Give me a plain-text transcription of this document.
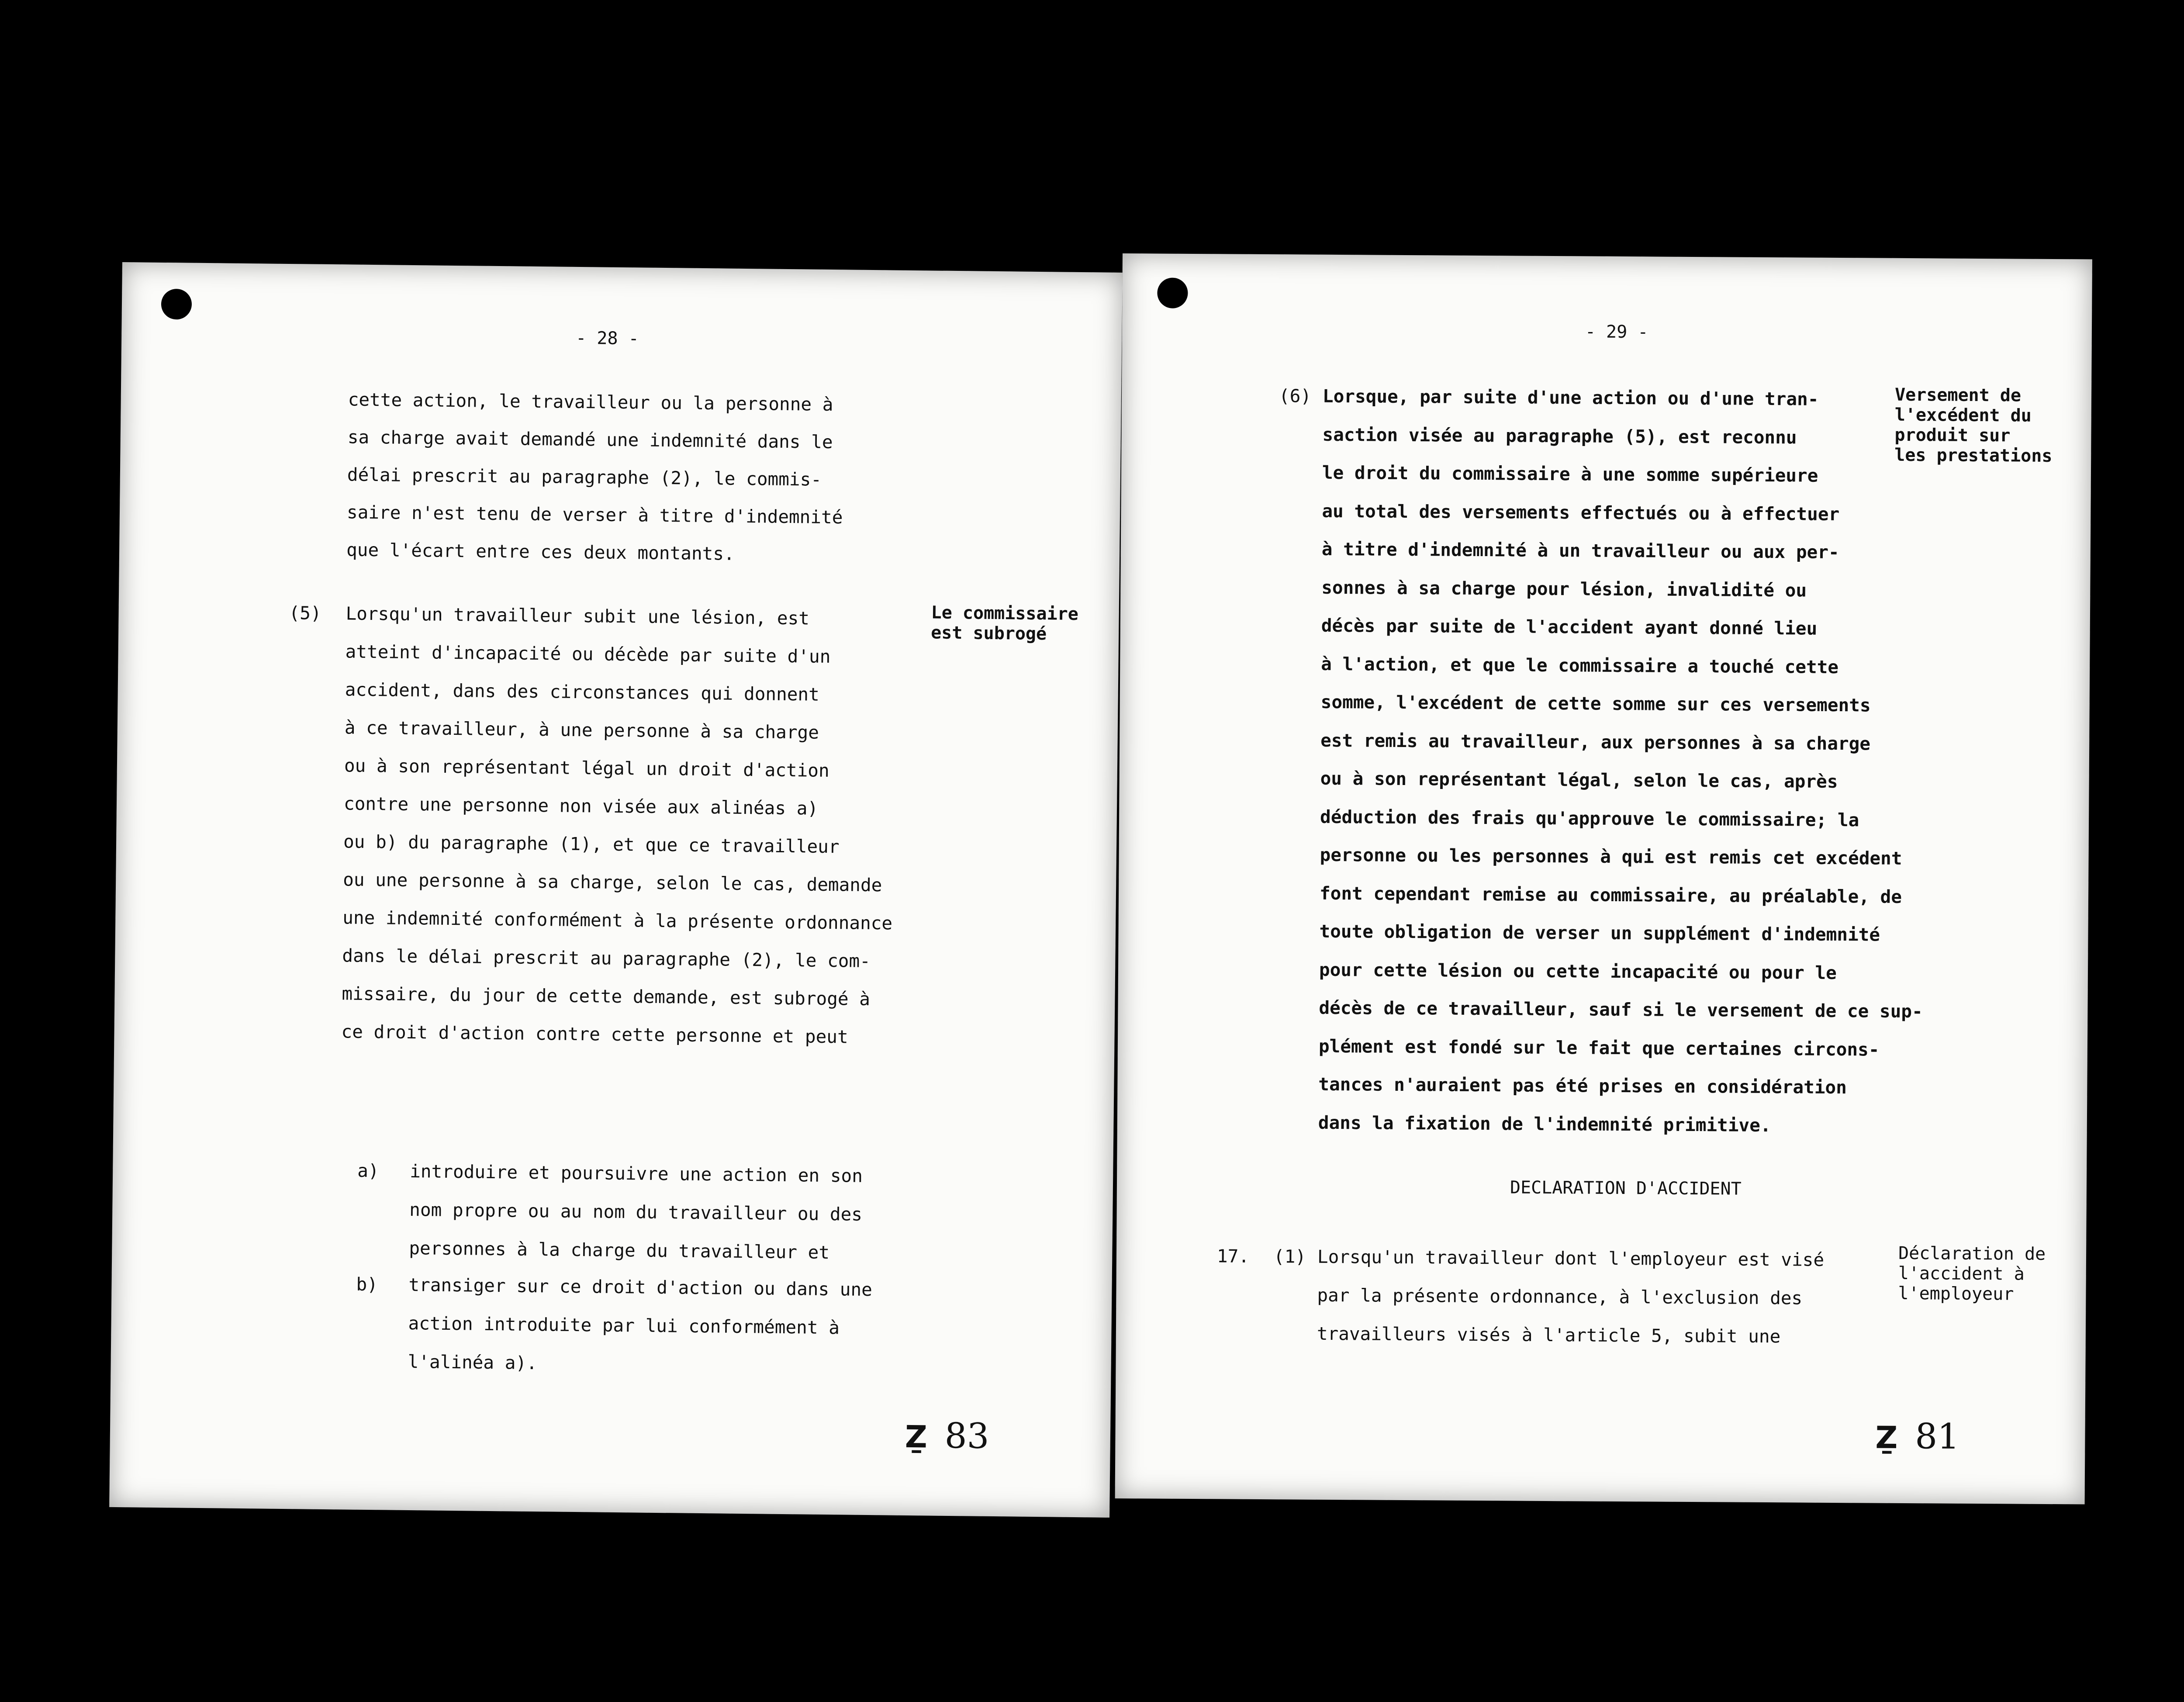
- 28 -
cette action, le travailleur ou la personne à
sa charge avait demandé une indemnité dans le
délai prescrit au paragraphe (2), le commis-
saire n'est tenu de verser à titre d'indemnité
que l'écart entre ces deux montants.
(5) Lorsqu'un travailleur subit une lésion, est
atteint d'incapacité ou décède par suite d'un
accident, dans des circonstances qui donnent
à ce travailleur, à une personne à sa charge
ou à son représentant légal un droit d'action
contre une personne non visée aux alinéas a)
ou b) du paragraphe (1), et que ce travailleur
ou une personne à sa charge, selon le cas, demande
une indemnité conformément à la présente ordonnance
dans le délai prescrit au paragraphe (2), le com-
missaire, du jour de cette demande, est subrogé à
ce droit d'action contre cette personne et peut
a) introduire et poursuivre une action en son
nom propre ou au nom du travailleur ou des
personnes à la charge du travailleur et
b) transiger sur ce droit d'action ou dans une
action introduite par lui conformément à
l'alinéa a).
Le commissaire
est subrogé
Ẕ 83
- 29 -
(6) Lorsque, par suite d'une action ou d'une tran-
saction visée au paragraphe (5), est reconnu
le droit du commissaire à une somme supérieure
au total des versements effectués ou à effectuer
à titre d'indemnité à un travailleur ou aux per-
sonnes à sa charge pour lésion, invalidité ou
décès par suite de l'accident ayant donné lieu
à l'action, et que le commissaire a touché cette
somme, l'excédent de cette somme sur ces versements
est remis au travailleur, aux personnes à sa charge
ou à son représentant légal, selon le cas, après
déduction des frais qu'approuve le commissaire; la
personne ou les personnes à qui est remis cet excédent
font cependant remise au commissaire, au préalable, de
toute obligation de verser un supplément d'indemnité
pour cette lésion ou cette incapacité ou pour le
décès de ce travailleur, sauf si le versement de ce sup-
plément est fondé sur le fait que certaines circons-
tances n'auraient pas été prises en considération
dans la fixation de l'indemnité primitive.
Versement de
l'excédent du
produit sur
les prestations
DECLARATION D'ACCIDENT
17. (1) Lorsqu'un travailleur dont l'employeur est visé
par la présente ordonnance, à l'exclusion des
travailleurs visés à l'article 5, subit une
Déclaration de
l'accident à
l'employeur
Ẕ 81
